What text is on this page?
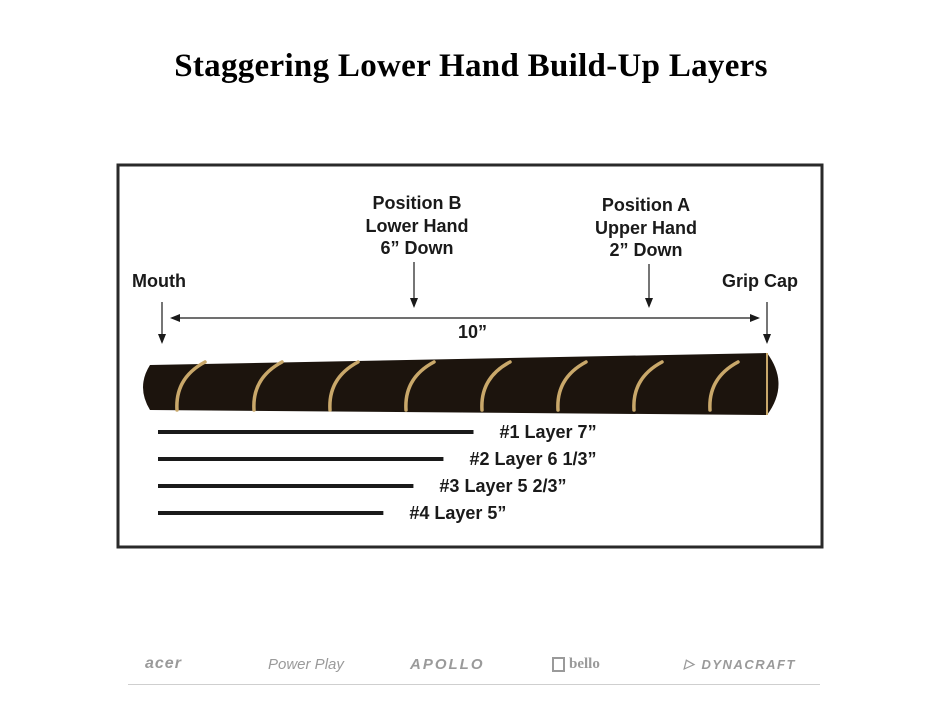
Staggering Lower Hand Build-Up Layers
Mouth	Grip Cap
Position B
Lower Hand
6” Down
Position A
Upper Hand
2” Down
10”
#1 Layer 7”
#2 Layer 6 1/3”
#3 Layer 5 2/3”
#4 Layer 5”
acer	Power Play	APOLLO	bello	▷ DYNACRAFT
